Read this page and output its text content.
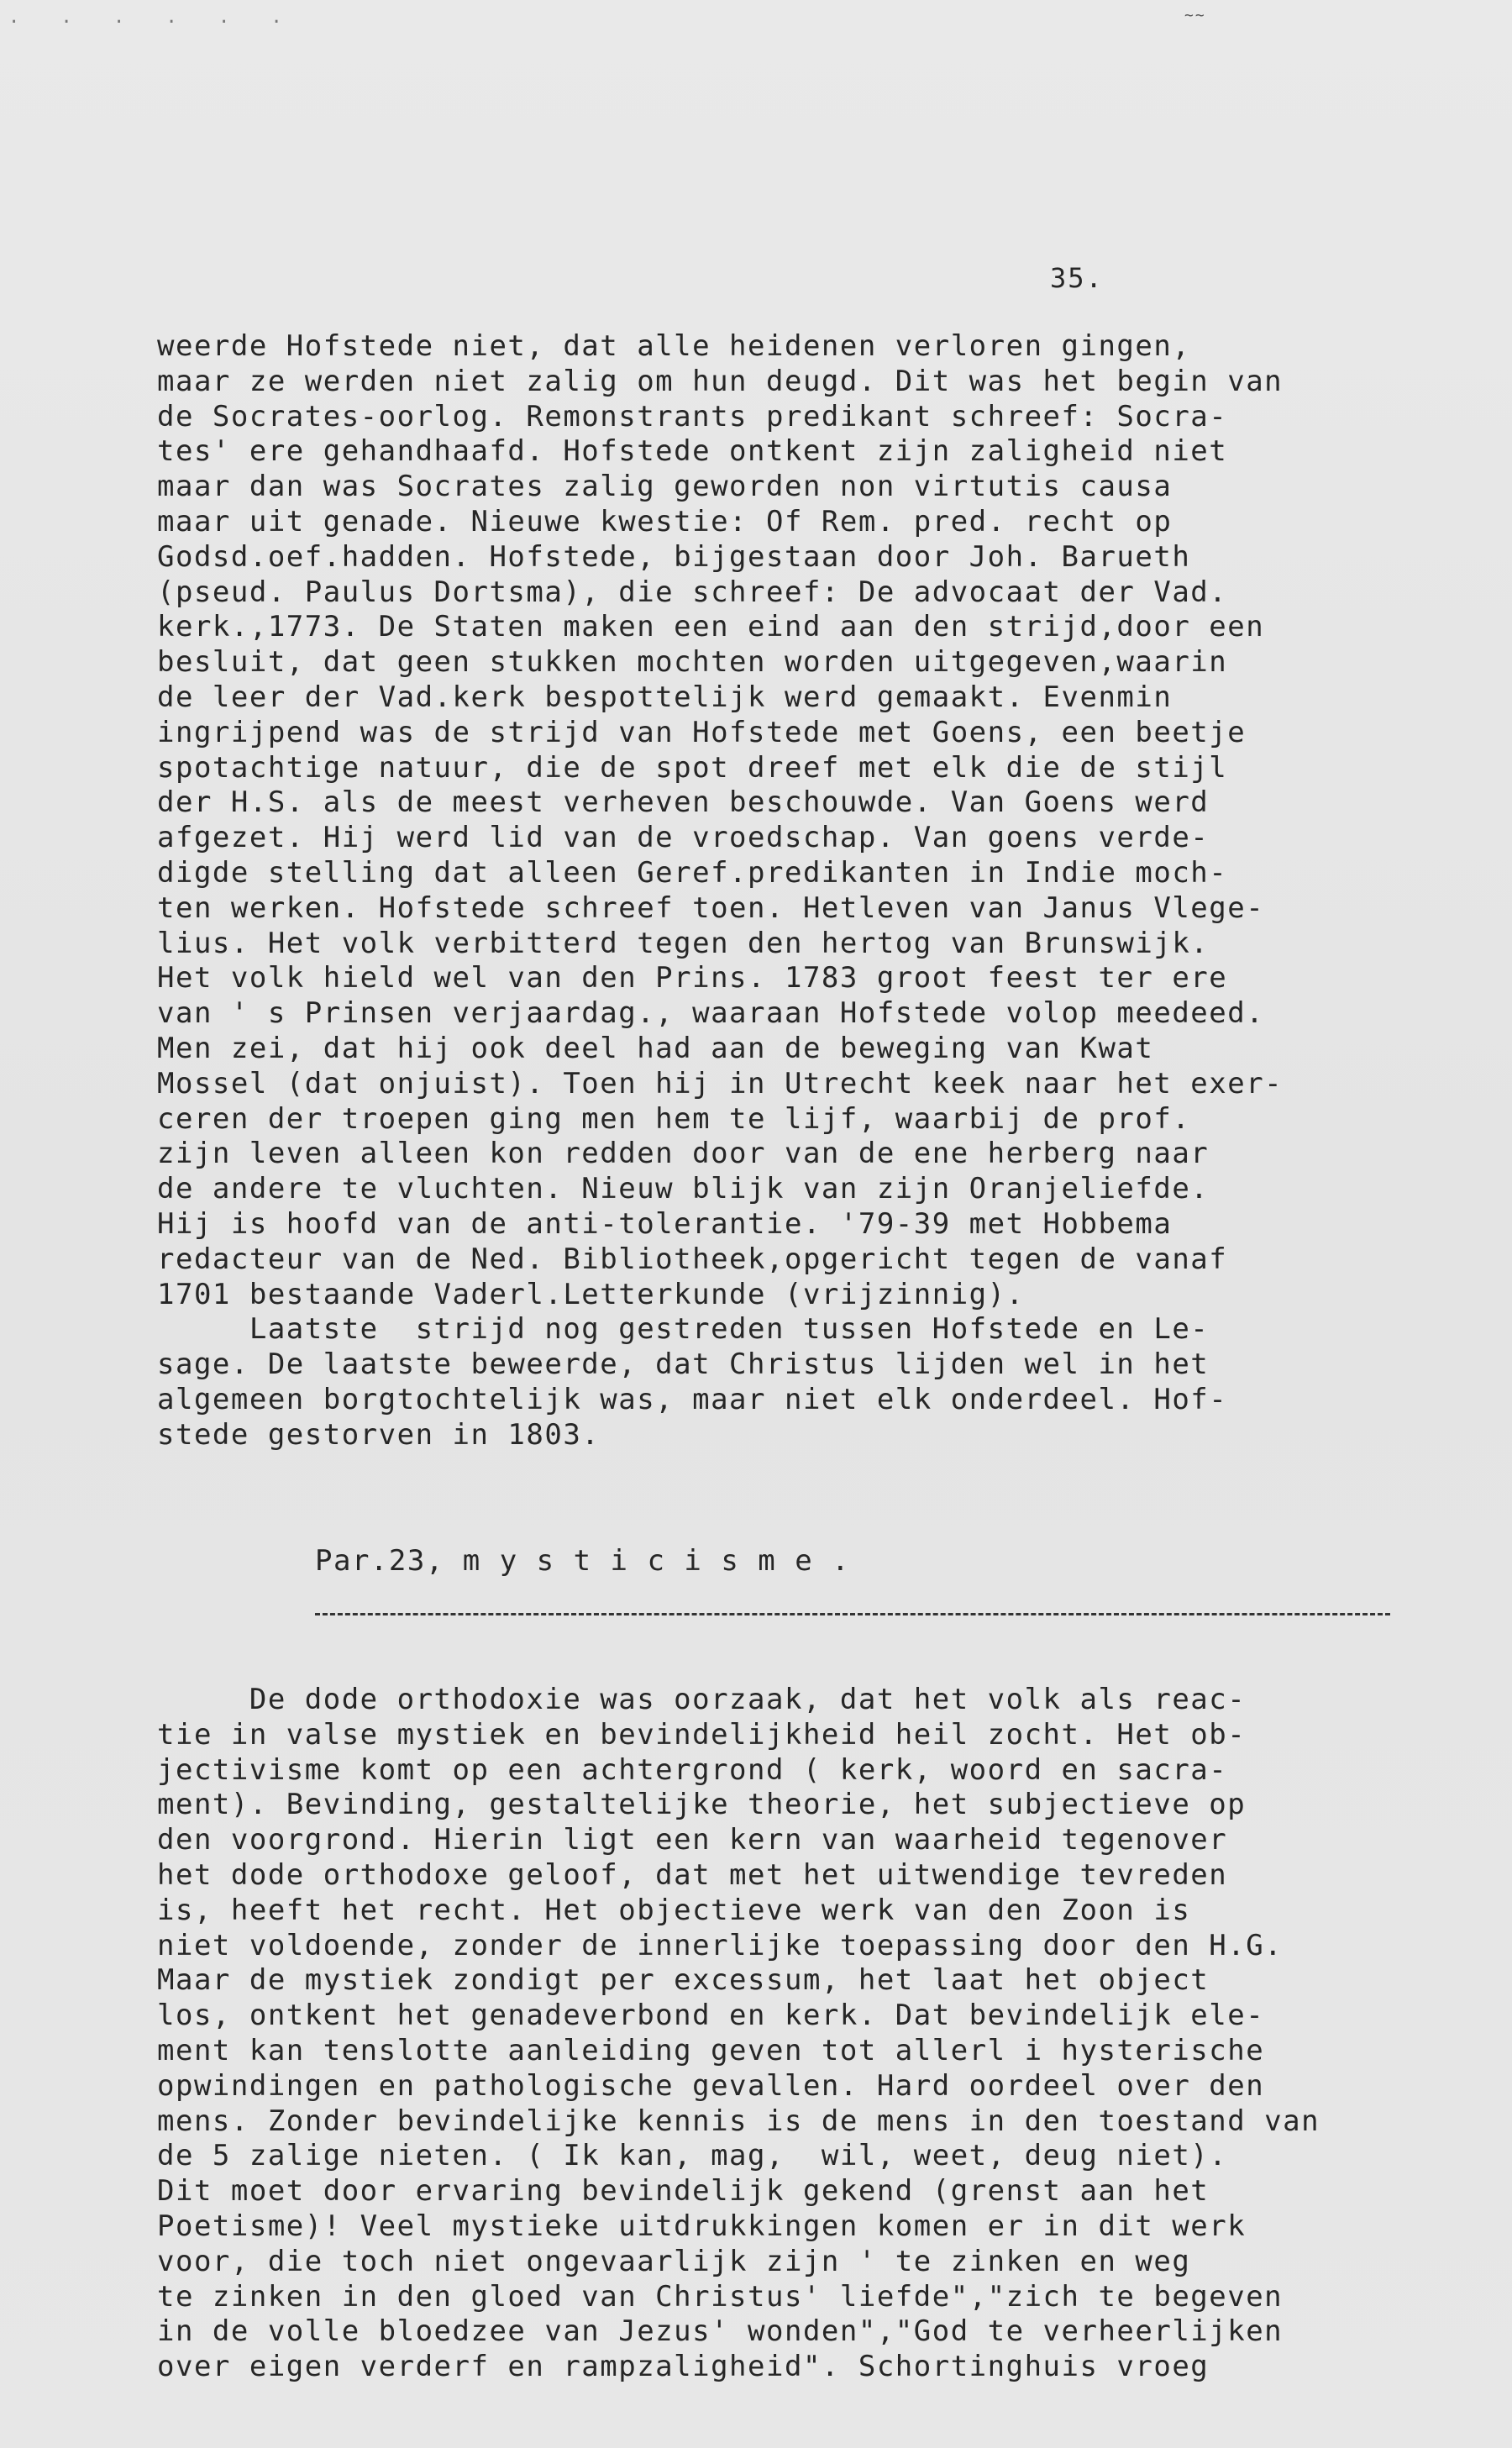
. . . . . .	~~
35.
weerde Hofstede niet, dat alle heidenen verloren gingen,
maar ze werden niet zalig om hun deugd. Dit was het begin van
de Socrates-oorlog. Remonstrants predikant schreef: Socra-
tes' ere gehandhaafd. Hofstede ontkent zijn zaligheid niet
maar dan was Socrates zalig geworden non virtutis causa
maar uit genade. Nieuwe kwestie: Of Rem. pred. recht op
Godsd.oef.hadden. Hofstede, bijgestaan door Joh. Barueth
(pseud. Paulus Dortsma), die schreef: De advocaat der Vad.
kerk.,1773. De Staten maken een eind aan den strijd,door een
besluit, dat geen stukken mochten worden uitgegeven,waarin
de leer der Vad.kerk bespottelijk werd gemaakt. Evenmin
ingrijpend was de strijd van Hofstede met Goens, een beetje
spotachtige natuur, die de spot dreef met elk die de stijl
der H.S. als de meest verheven beschouwde. Van Goens werd
afgezet. Hij werd lid van de vroedschap. Van goens verde-
digde stelling dat alleen Geref.predikanten in Indie moch-
ten werken. Hofstede schreef toen. Hetleven van Janus Vlege-
lius. Het volk verbitterd tegen den hertog van Brunswijk.
Het volk hield wel van den Prins. 1783 groot feest ter ere
van ' s Prinsen verjaardag., waaraan Hofstede volop meedeed.
Men zei, dat hij ook deel had aan de beweging van Kwat
Mossel (dat onjuist). Toen hij in Utrecht keek naar het exer-
ceren der troepen ging men hem te lijf, waarbij de prof.
zijn leven alleen kon redden door van de ene herberg naar
de andere te vluchten. Nieuw blijk van zijn Oranjeliefde.
Hij is hoofd van de anti-tolerantie. '79-39 met Hobbema
redacteur van de Ned. Bibliotheek,opgericht tegen de vanaf
1701 bestaande Vaderl.Letterkunde (vrijzinnig).
Laatste  strijd nog gestreden tussen Hofstede en Le-
sage. De laatste beweerde, dat Christus lijden wel in het
algemeen borgtochtelijk was, maar niet elk onderdeel. Hof-
stede gestorven in 1803.
Par.23, m y s t i c i s m e .
De dode orthodoxie was oorzaak, dat het volk als reac-
tie in valse mystiek en bevindelijkheid heil zocht. Het ob-
jectivisme komt op een achtergrond ( kerk, woord en sacra-
ment). Bevinding, gestaltelijke theorie, het subjectieve op
den voorgrond. Hierin ligt een kern van waarheid tegenover
het dode orthodoxe geloof, dat met het uitwendige tevreden
is, heeft het recht. Het objectieve werk van den Zoon is
niet voldoende, zonder de innerlijke toepassing door den H.G.
Maar de mystiek zondigt per excessum, het laat het object
los, ontkent het genadeverbond en kerk. Dat bevindelijk ele-
ment kan tenslotte aanleiding geven tot allerl i hysterische
opwindingen en pathologische gevallen. Hard oordeel over den
mens. Zonder bevindelijke kennis is de mens in den toestand van
de 5 zalige nieten. ( Ik kan, mag,  wil, weet, deug niet).
Dit moet door ervaring bevindelijk gekend (grenst aan het
Poetisme)! Veel mystieke uitdrukkingen komen er in dit werk
voor, die toch niet ongevaarlijk zijn ' te zinken en weg
te zinken in den gloed van Christus' liefde","zich te begeven
in de volle bloedzee van Jezus' wonden","God te verheerlijken
over eigen verderf en rampzaligheid". Schortinghuis vroeg
